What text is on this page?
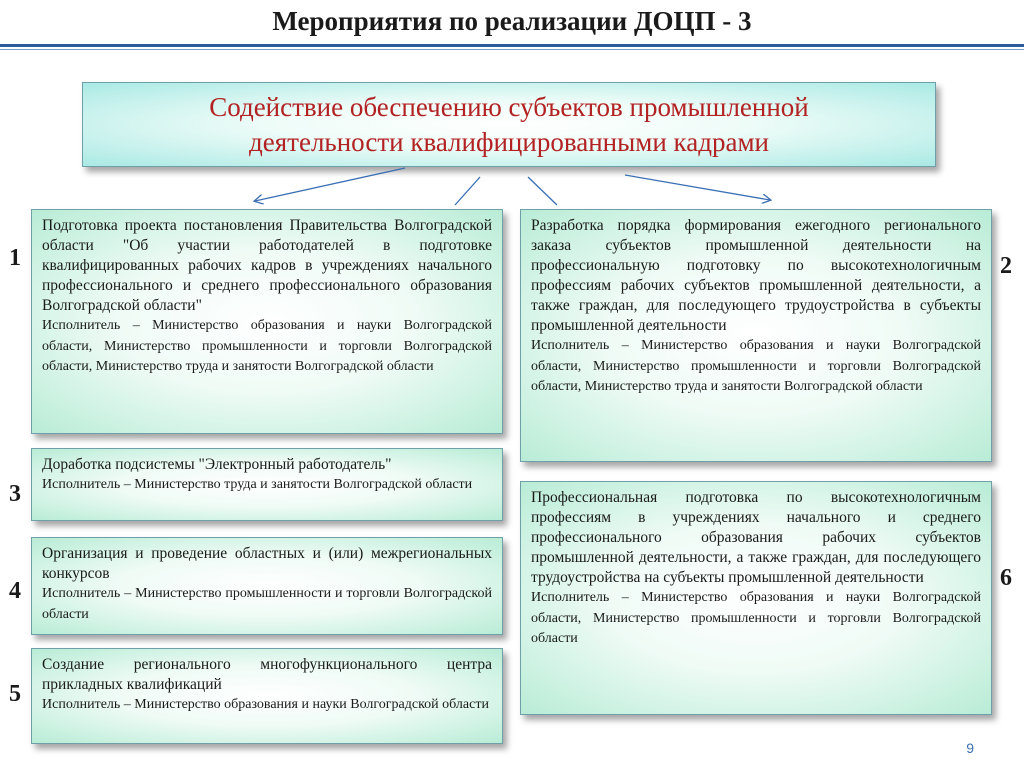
Мероприятия по реализации ДОЦП - 3
Содействие обеспечению субъектов промышленной
деятельности квалифицированными кадрами

Подготовка проекта постановления Правительства Волгоградской области "Об участии работодателей в подготовке квалифицированных рабочих кадров в учреждениях начального профессионального и среднего профессионального образования Волгоградской области"

Исполнитель – Министерство образования и науки Волгоградской области, Министерство промышленности и торговли Волгоградской области, Министерство труда и занятости Волгоградской области

1

Разработка порядка формирования ежегодного регионального заказа субъектов промышленной деятельности на профессиональную подготовку по высокотехнологичным профессиям рабочих субъектов промышленной деятельности, а также граждан, для последующего трудоустройства в субъекты промышленной деятельности

Исполнитель – Министерство образования и науки Волгоградской области, Министерство промышленности и торговли Волгоградской области, Министерство труда и занятости Волгоградской области

2

Доработка подсистемы "Электронный работодатель"

Исполнитель – Министерство труда и занятости Волгоградской области

3

Организация и проведение областных и (или) межрегиональных конкурсов

Исполнитель – Министерство промышленности и торговли Волгоградской области

4

Создание регионального многофункционального центра прикладных квалификаций

Исполнитель – Министерство образования и науки Волгоградской области

5

Профессиональная подготовка по высокотехнологичным профессиям в учреждениях начального и среднего профессионального образования рабочих субъектов промышленной деятельности, а также граждан, для последующего трудоустройства на субъекты промышленной деятельности

Исполнитель – Министерство образования и науки Волгоградской области, Министерство промышленности и торговли Волгоградской области

6
9
